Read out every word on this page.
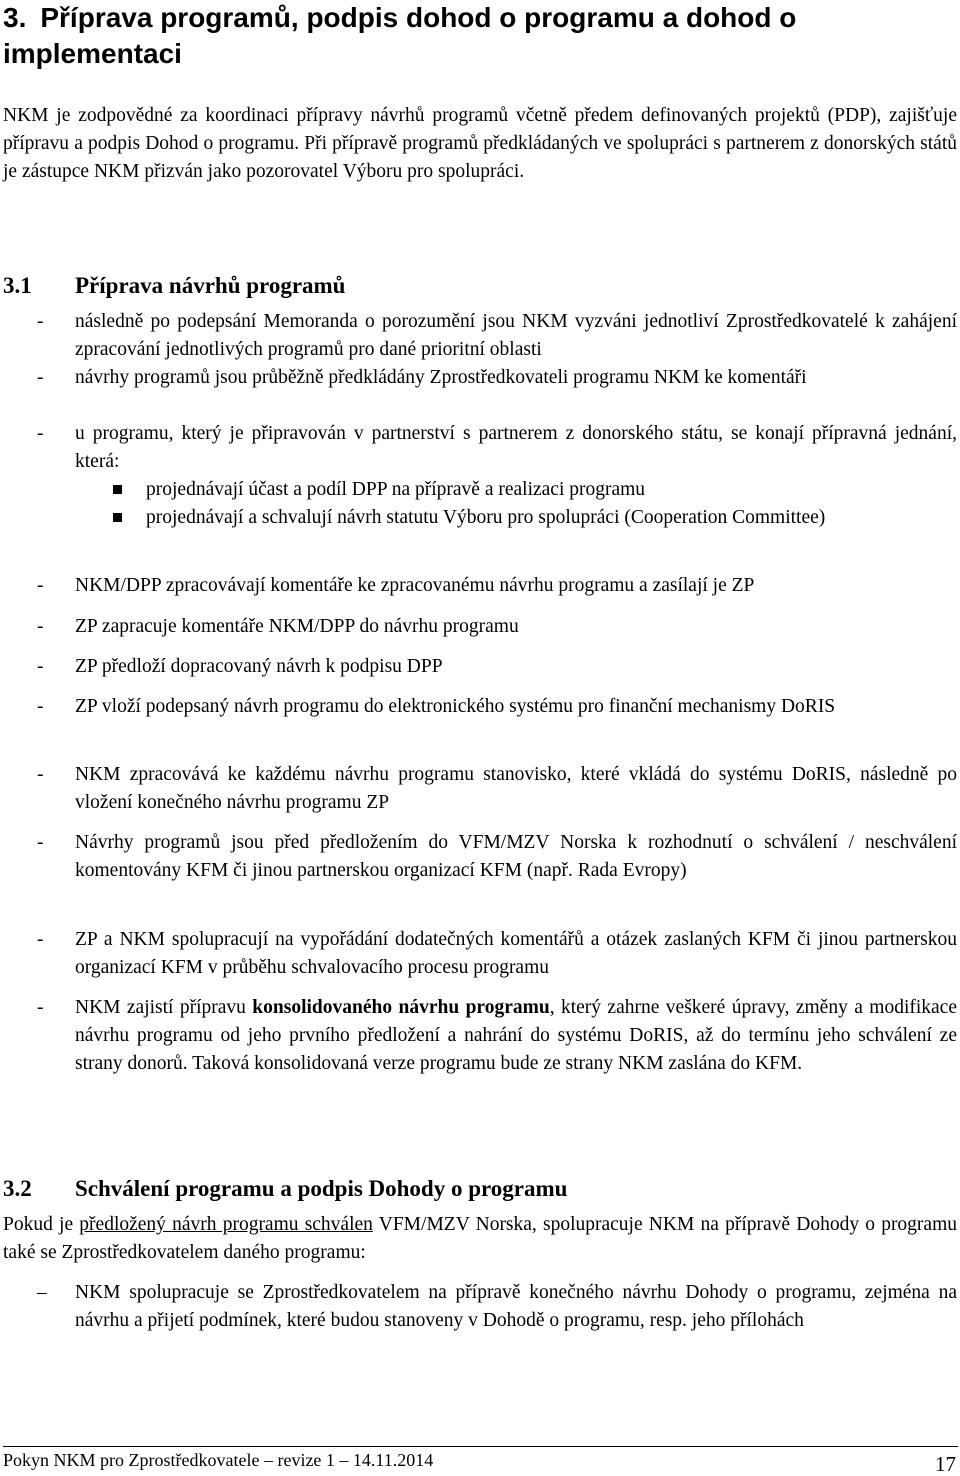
3. Příprava programů, podpis dohod o programu a dohod o implementaci
NKM je zodpovědné za koordinaci přípravy návrhů programů včetně předem definovaných projektů (PDP), zajišťuje přípravu a podpis Dohod o programu. Při přípravě programů předkládaných ve spolupráci s partnerem z donorských států je zástupce NKM přizván jako pozorovatel Výboru pro spolupráci.
3.1 Příprava návrhů programů
- následně po podepsání Memoranda o porozumění jsou NKM vyzváni jednotliví Zprostředkovatelé k zahájení zpracování jednotlivých programů pro dané prioritní oblasti
- návrhy programů jsou průběžně předkládány Zprostředkovateli programu NKM ke komentáři
- u programu, který je připravován v partnerství s partnerem z donorského státu, se konají přípravná jednání, která:
projednávají účast a podíl DPP na přípravě a realizaci programu
projednávají a schvalují návrh statutu Výboru pro spolupráci (Cooperation Committee)
- NKM/DPP zpracovávají komentáře ke zpracovanému návrhu programu a zasílají je ZP
- ZP zapracuje komentáře NKM/DPP do návrhu programu
- ZP předloží dopracovaný návrh k podpisu DPP
- ZP vloží podepsaný návrh programu do elektronického systému pro finanční mechanismy DoRIS
- NKM zpracovává ke každému návrhu programu stanovisko, které vkládá do systému DoRIS, následně po vložení konečného návrhu programu ZP
- Návrhy programů jsou před předložením do VFM/MZV Norska k rozhodnutí o schválení / neschválení komentovány KFM či jinou partnerskou organizací KFM (např. Rada Evropy)
- ZP a NKM spolupracují na vypořádání dodatečných komentářů a otázek zaslaných KFM či jinou partnerskou organizací KFM v průběhu schvalovacího procesu programu
- NKM zajistí přípravu konsolidovaného návrhu programu, který zahrne veškeré úpravy, změny a modifikace návrhu programu od jeho prvního předložení a nahrání do systému DoRIS, až do termínu jeho schválení ze strany donorů. Taková konsolidovaná verze programu bude ze strany NKM zaslána do KFM.
3.2 Schválení programu a podpis Dohody o programu
Pokud je předložený návrh programu schválen VFM/MZV Norska, spolupracuje NKM na přípravě Dohody o programu také se Zprostředkovatelem daného programu:
– NKM spolupracuje se Zprostředkovatelem na přípravě konečného návrhu Dohody o programu, zejména na návrhu a přijetí podmínek, které budou stanoveny v Dohodě o programu, resp. jeho přílohách
Pokyn NKM pro Zprostředkovatele – revize 1 – 14.11.2014	17
